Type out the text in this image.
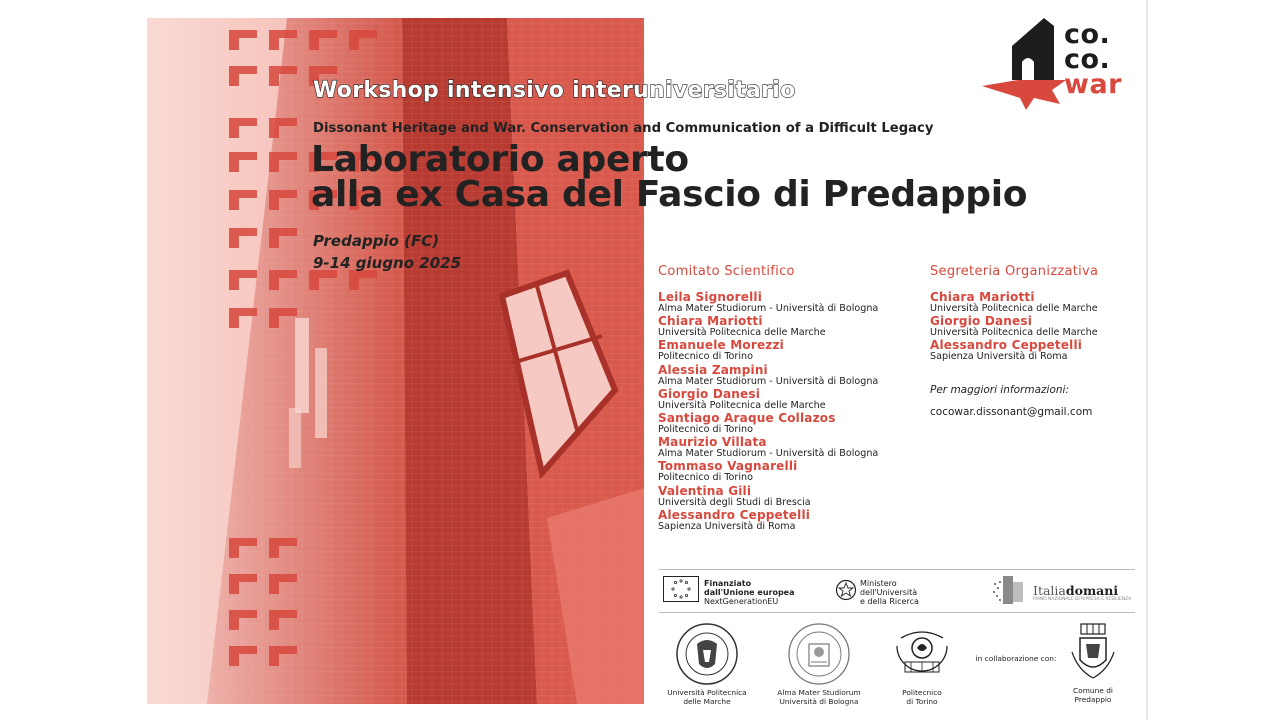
co.
co.
war
Workshop intensivo interuniversitario
Dissonant Heritage and War. Conservation and Communication of a Difficult Legacy
Laboratorio aperto
alla ex Casa del Fascio di Predappio
Predappio (FC)
9-14 giugno 2025	Comitato Scientifico
Leila Signorelli
Alma Mater Studiorum - Università di Bologna
Chiara Mariotti
Università Politecnica delle Marche
Emanuele Morezzi
Politecnico di Torino
Alessia Zampini
Alma Mater Studiorum - Università di Bologna
Giorgio Danesi
Università Politecnica delle Marche
Santiago Araque Collazos
Politecnico di Torino
Maurizio Villata
Alma Mater Studiorum - Università di Bologna
Tommaso Vagnarelli
Politecnico di Torino
Valentina Gili
Università degli Studi di Brescia
Alessandro Ceppetelli
Sapienza Università di Roma
Segreteria Organizzativa
Chiara Mariotti
Università Politecnica delle Marche
Giorgio Danesi
Università Politecnica delle Marche
Alessandro Ceppetelli
Sapienza Università di Roma
Per maggiori informazioni:
cocowar.dissonant@gmail.com
Finanziato
dall'Unione europea
NextGenerationEU
Ministero
dell'Università
e della Ricerca
Italiadomani
PIANO NAZIONALE DI RIPRESA E RESILIENZA
Università Politecnica
delle Marche
Alma Mater Studiorum
Università di Bologna
Politecnico
di Torino
in collaborazione con:
Comune di
Predappio
